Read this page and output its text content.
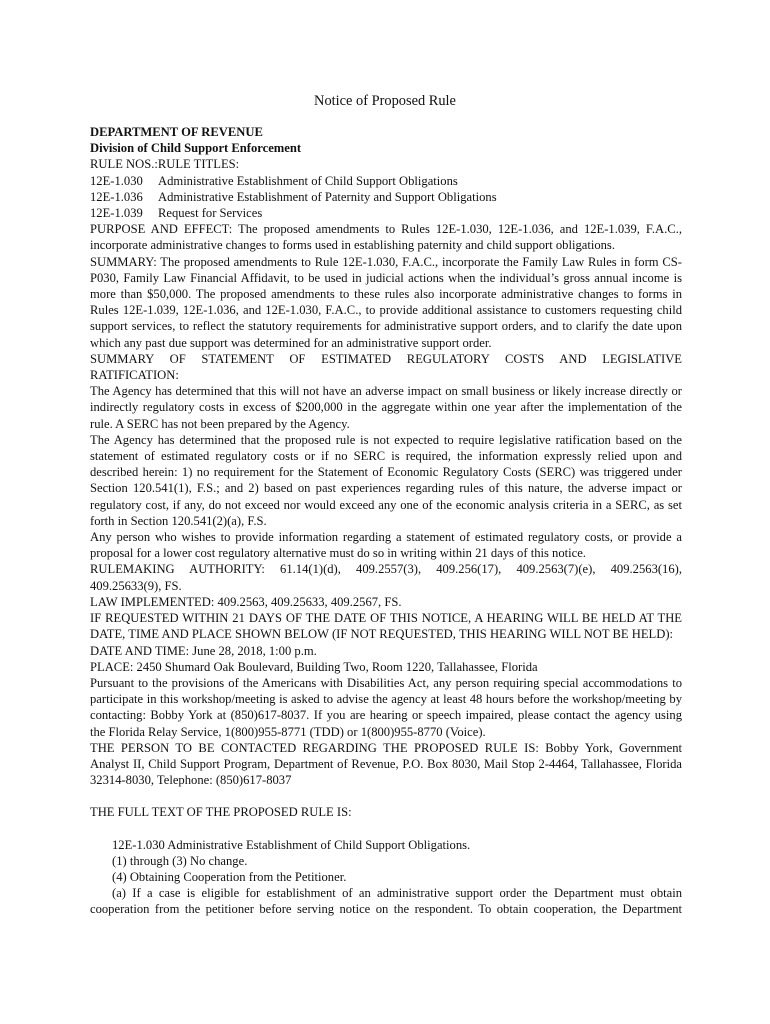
Notice of Proposed Rule
DEPARTMENT OF REVENUE
Division of Child Support Enforcement
RULE NOS.:RULE TITLES:
12E-1.030 Administrative Establishment of Child Support Obligations
12E-1.036 Administrative Establishment of Paternity and Support Obligations
12E-1.039 Request for Services
PURPOSE AND EFFECT: The proposed amendments to Rules 12E-1.030, 12E-1.036, and 12E-1.039, F.A.C.,
incorporate administrative changes to forms used in establishing paternity and child support obligations.
SUMMARY: The proposed amendments to Rule 12E-1.030, F.A.C., incorporate the Family Law Rules in form CS-
P030, Family Law Financial Affidavit, to be used in judicial actions when the individual’s gross annual income is
more than $50,000. The proposed amendments to these rules also incorporate administrative changes to forms in
Rules 12E-1.039, 12E-1.036, and 12E-1.030, F.A.C., to provide additional assistance to customers requesting child
support services, to reflect the statutory requirements for administrative support orders, and to clarify the date upon
which any past due support was determined for an administrative support order.
SUMMARY OF STATEMENT OF ESTIMATED REGULATORY COSTS AND LEGISLATIVE
RATIFICATION:
The Agency has determined that this will not have an adverse impact on small business or likely increase directly or
indirectly regulatory costs in excess of $200,000 in the aggregate within one year after the implementation of the
rule. A SERC has not been prepared by the Agency.
The Agency has determined that the proposed rule is not expected to require legislative ratification based on the
statement of estimated regulatory costs or if no SERC is required, the information expressly relied upon and
described herein: 1) no requirement for the Statement of Economic Regulatory Costs (SERC) was triggered under
Section 120.541(1), F.S.; and 2) based on past experiences regarding rules of this nature, the adverse impact or
regulatory cost, if any, do not exceed nor would exceed any one of the economic analysis criteria in a SERC, as set
forth in Section 120.541(2)(a), F.S.
Any person who wishes to provide information regarding a statement of estimated regulatory costs, or provide a
proposal for a lower cost regulatory alternative must do so in writing within 21 days of this notice.
RULEMAKING AUTHORITY: 61.14(1)(d), 409.2557(3), 409.256(17), 409.2563(7)(e), 409.2563(16),
409.25633(9), FS.
LAW IMPLEMENTED: 409.2563, 409.25633, 409.2567, FS.
IF REQUESTED WITHIN 21 DAYS OF THE DATE OF THIS NOTICE, A HEARING WILL BE HELD AT THE
DATE, TIME AND PLACE SHOWN BELOW (IF NOT REQUESTED, THIS HEARING WILL NOT BE HELD):
DATE AND TIME: June 28, 2018, 1:00 p.m.
PLACE: 2450 Shumard Oak Boulevard, Building Two, Room 1220, Tallahassee, Florida
Pursuant to the provisions of the Americans with Disabilities Act, any person requiring special accommodations to
participate in this workshop/meeting is asked to advise the agency at least 48 hours before the workshop/meeting by
contacting: Bobby York at (850)617-8037. If you are hearing or speech impaired, please contact the agency using
the Florida Relay Service, 1(800)955-8771 (TDD) or 1(800)955-8770 (Voice).
THE PERSON TO BE CONTACTED REGARDING THE PROPOSED RULE IS: Bobby York, Government
Analyst II, Child Support Program, Department of Revenue, P.O. Box 8030, Mail Stop 2-4464, Tallahassee, Florida
32314-8030, Telephone: (850)617-8037
THE FULL TEXT OF THE PROPOSED RULE IS:
12E-1.030 Administrative Establishment of Child Support Obligations.
(1) through (3) No change.
(4) Obtaining Cooperation from the Petitioner.
(a) If a case is eligible for establishment of an administrative support order the Department must obtain
cooperation from the petitioner before serving notice on the respondent. To obtain cooperation, the Department
